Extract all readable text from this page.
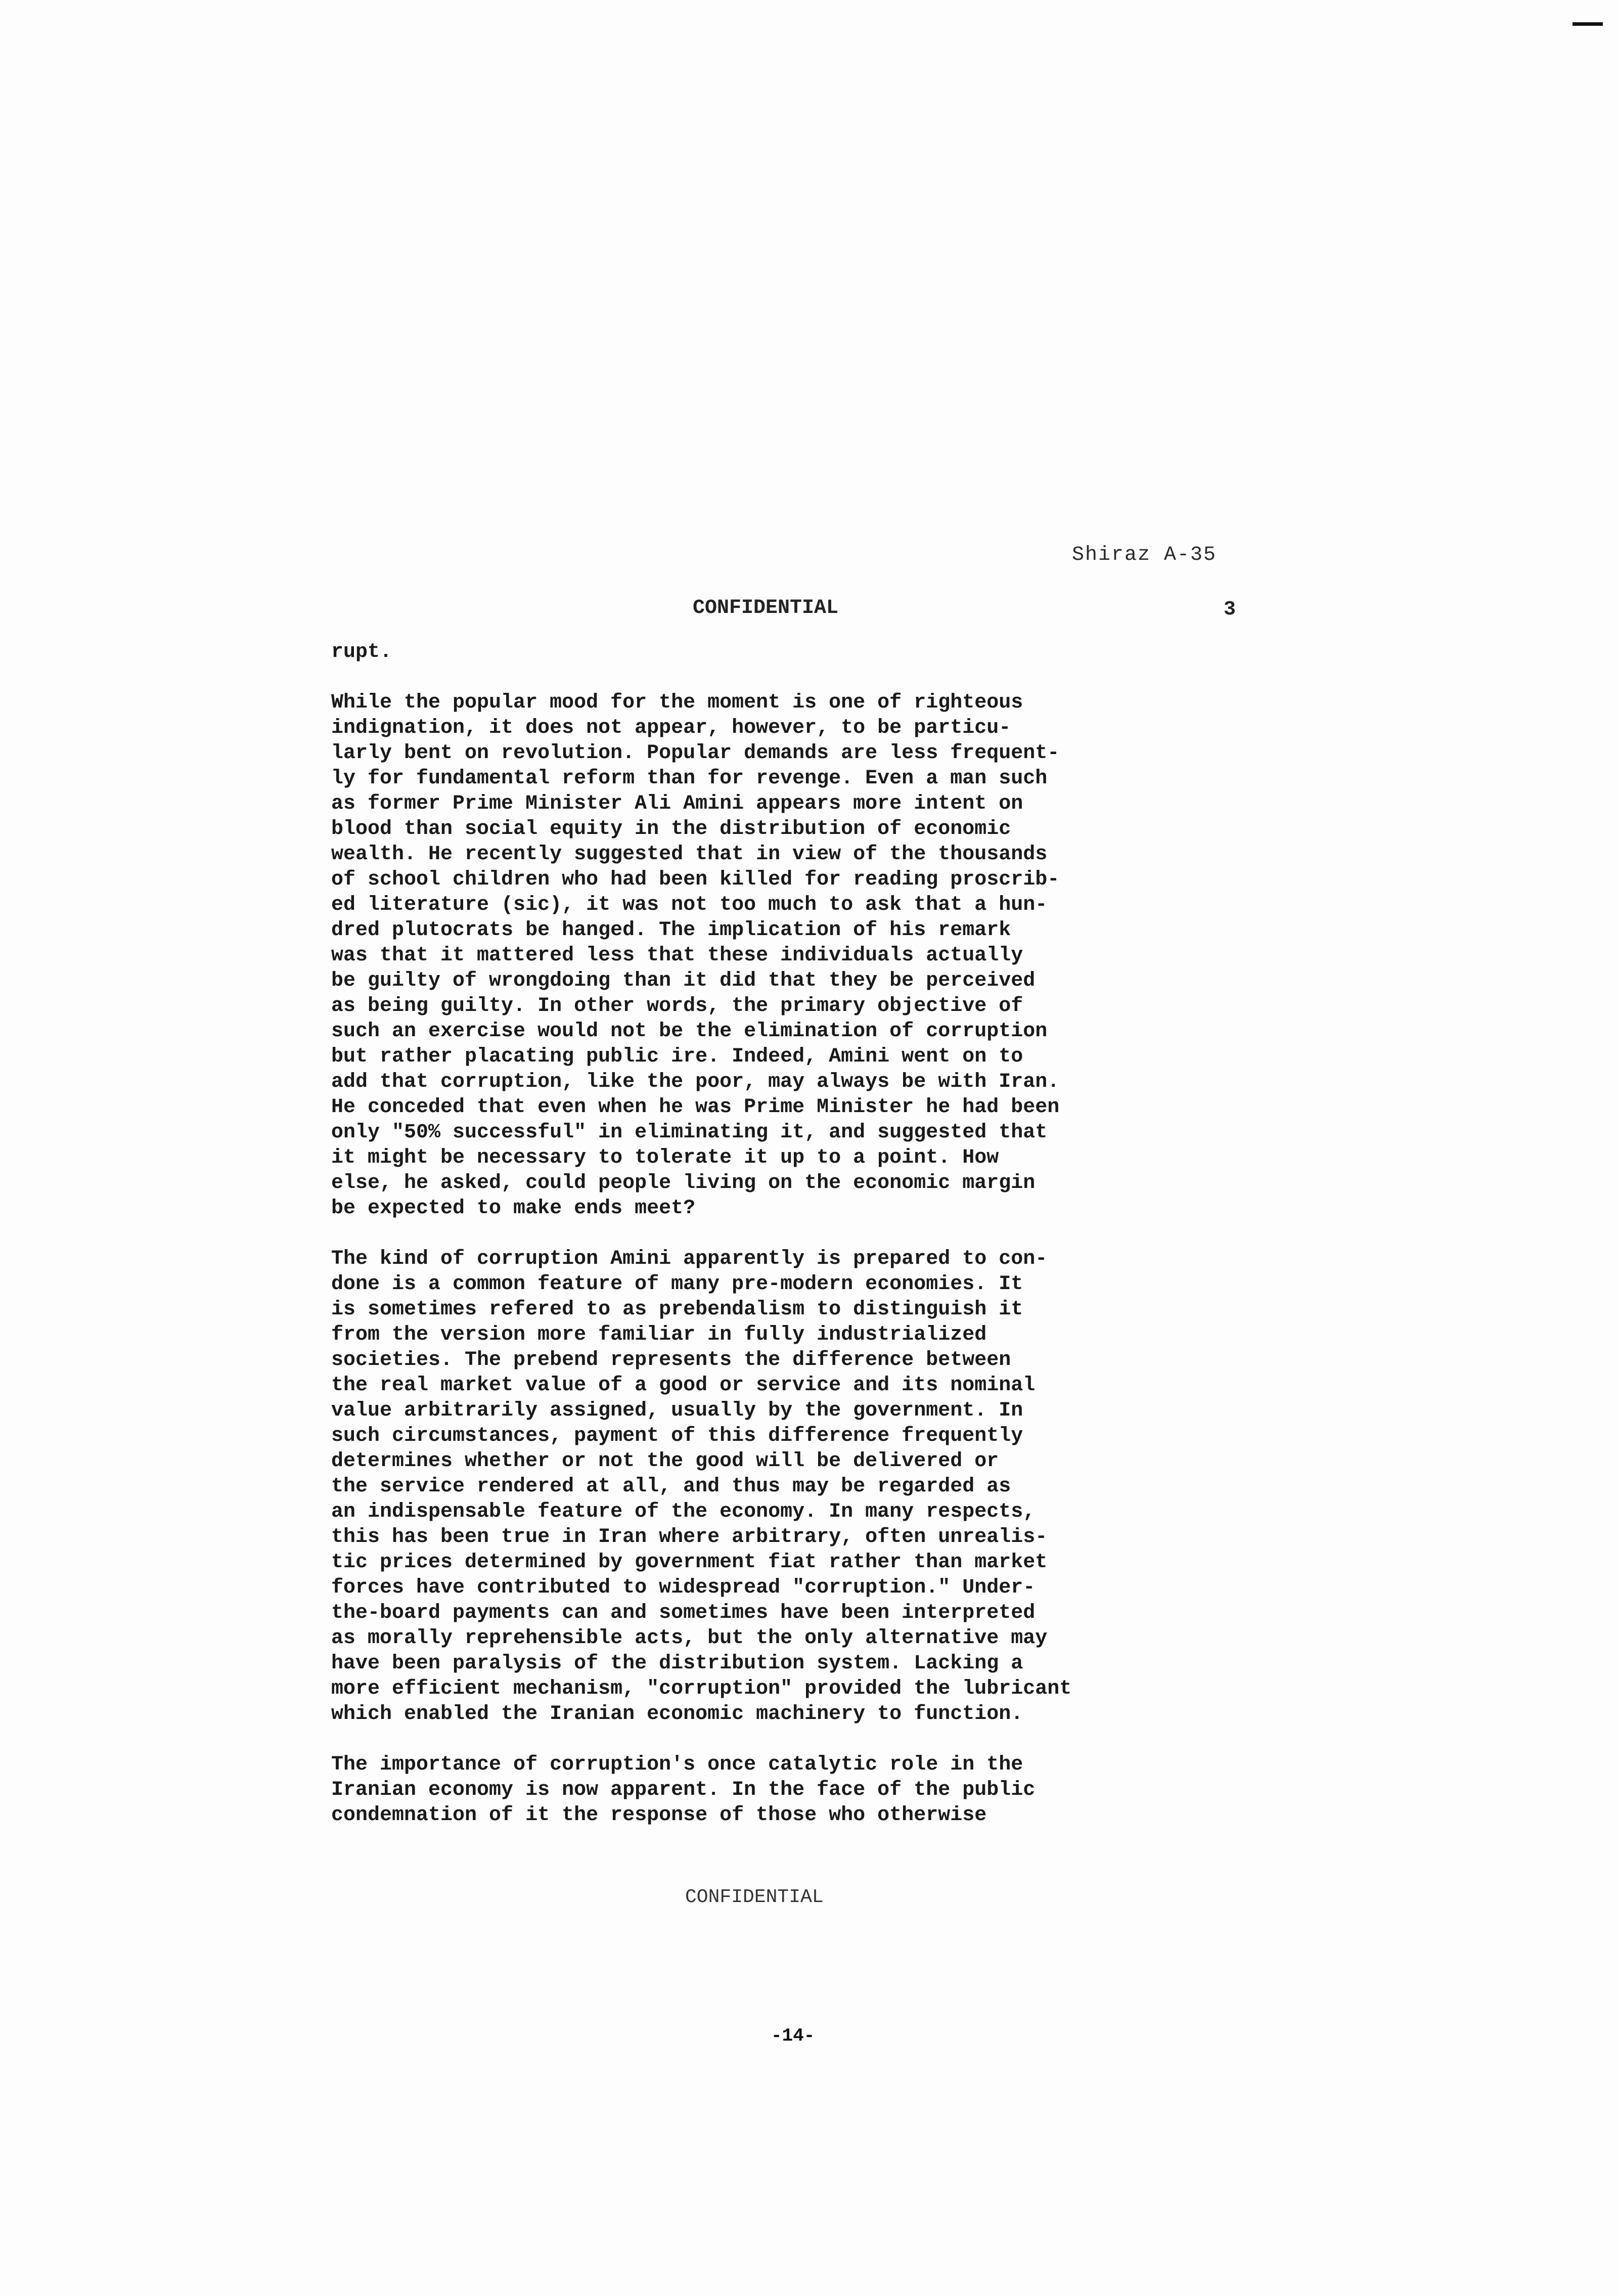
Shiraz A-35
CONFIDENTIAL	3

rupt.

While the popular mood for the moment is one of righteous
indignation, it does not appear, however, to be particu-
larly bent on revolution. Popular demands are less frequent-
ly for fundamental reform than for revenge. Even a man such
as former Prime Minister Ali Amini appears more intent on
blood than social equity in the distribution of economic
wealth. He recently suggested that in view of the thousands
of school children who had been killed for reading proscrib-
ed literature (sic), it was not too much to ask that a hun-
dred plutocrats be hanged. The implication of his remark
was that it mattered less that these individuals actually
be guilty of wrongdoing than it did that they be perceived
as being guilty. In other words, the primary objective of
such an exercise would not be the elimination of corruption
but rather placating public ire. Indeed, Amini went on to
add that corruption, like the poor, may always be with Iran.
He conceded that even when he was Prime Minister he had been
only "50% successful" in eliminating it, and suggested that
it might be necessary to tolerate it up to a point. How
else, he asked, could people living on the economic margin
be expected to make ends meet?

The kind of corruption Amini apparently is prepared to con-
done is a common feature of many pre-modern economies. It
is sometimes refered to as prebendalism to distinguish it
from the version more familiar in fully industrialized
societies. The prebend represents the difference between
the real market value of a good or service and its nominal
value arbitrarily assigned, usually by the government. In
such circumstances, payment of this difference frequently
determines whether or not the good will be delivered or
the service rendered at all, and thus may be regarded as
an indispensable feature of the economy. In many respects,
this has been true in Iran where arbitrary, often unrealis-
tic prices determined by government fiat rather than market
forces have contributed to widespread "corruption." Under-
the-board payments can and sometimes have been interpreted
as morally reprehensible acts, but the only alternative may
have been paralysis of the distribution system. Lacking a
more efficient mechanism, "corruption" provided the lubricant
which enabled the Iranian economic machinery to function.

The importance of corruption's once catalytic role in the
Iranian economy is now apparent. In the face of the public
condemnation of it the response of those who otherwise

CONFIDENTIAL
-14-
